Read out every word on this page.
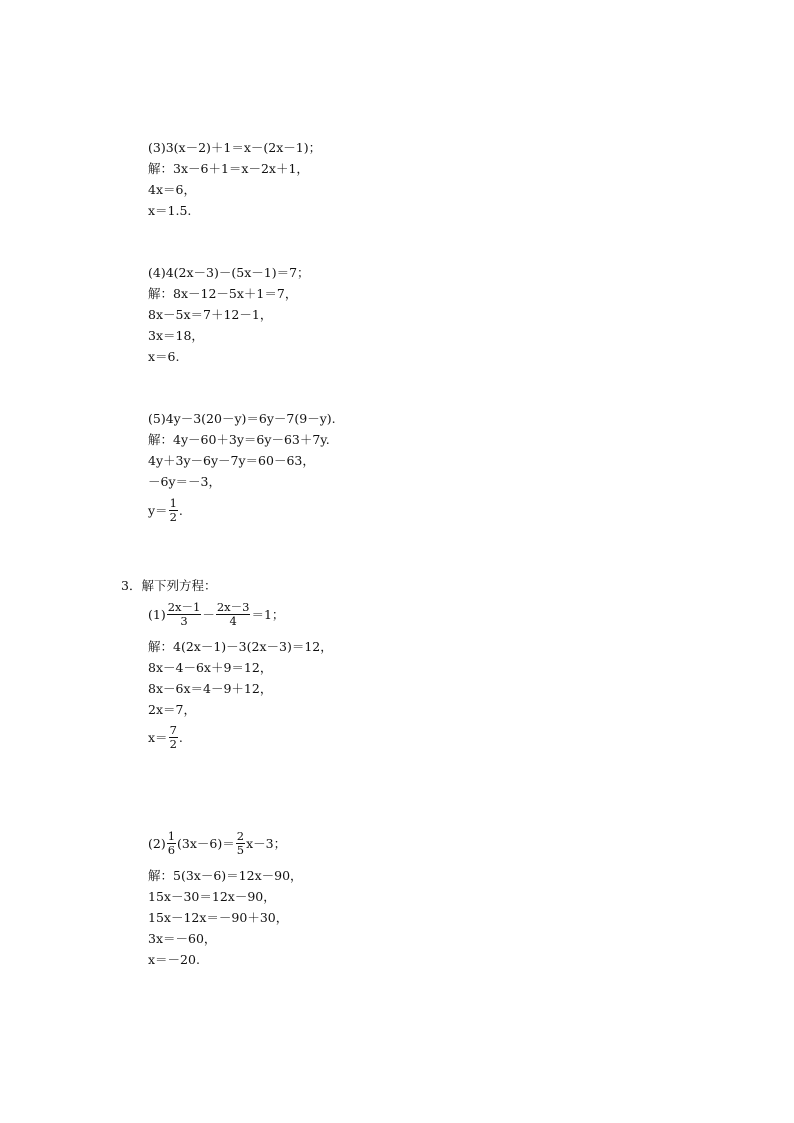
(3)3(x－2)＋1＝x－(2x－1)；
解：3x－6＋1＝x－2x＋1，
4x＝6，
x＝1.5.
(4)4(2x－3)－(5x－1)＝7；
解：8x－12－5x＋1＝7，
8x－5x＝7＋12－1，
3x＝18，
x＝6.
(5)4y－3(20－y)＝6y－7(9－y).
解：4y－60＋3y＝6y－63＋7y.
4y＋3y－6y－7y＝60－63，
－6y＝－3，
$y= \frac{1}{2}$ .
3．解下列方程：
$(1) \frac{2x-1}{3} - \frac{2x-3}{4} =1$；
解：4(2x－1)－3(2x－3)＝12，
8x－4－6x＋9＝12，
8x－6x＝4－9＋12，
2x＝7，
$x= \frac{7}{2}$ .
$(2) \frac{1}{6} (3x-6)= \frac{2}{5} x-3$；
解：5(3x－6)＝12x－90，
15x－30＝12x－90，
15x－12x＝－90＋30，
3x＝－60，
x＝－20.
